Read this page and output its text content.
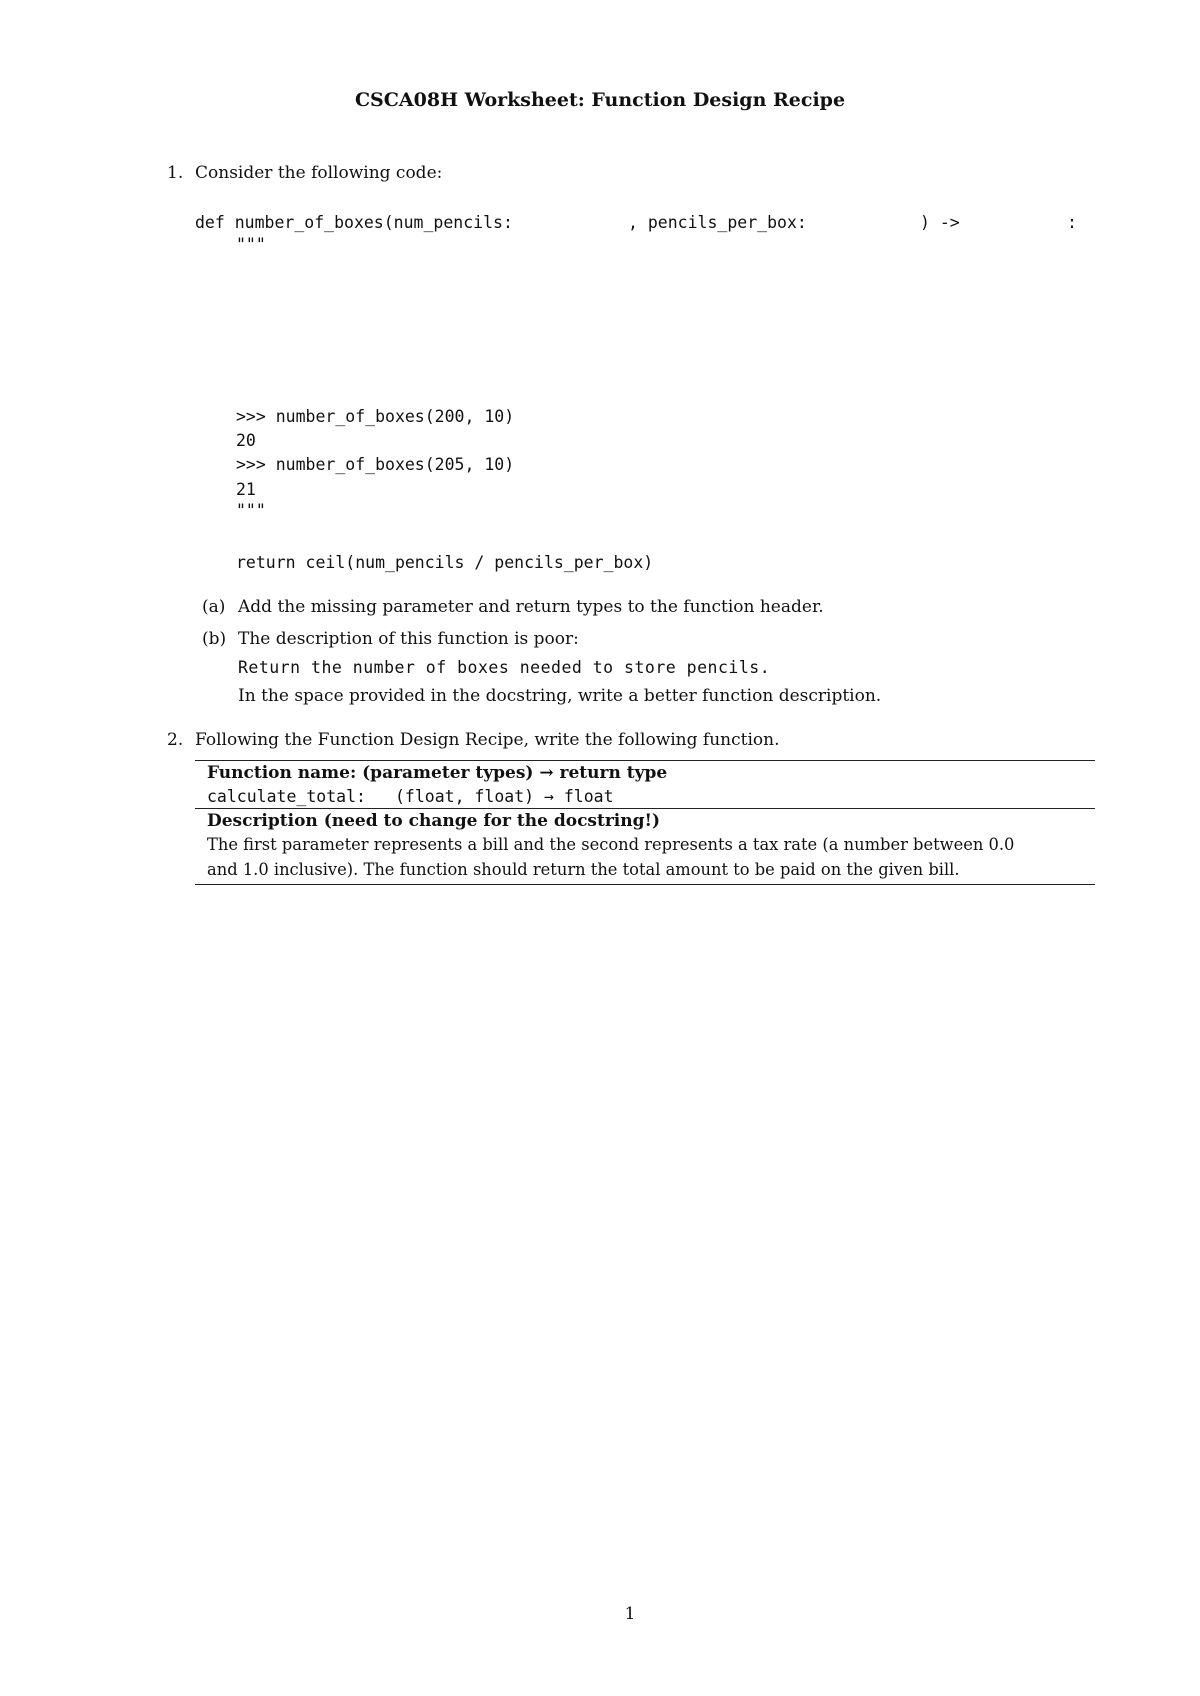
CSCA08H Worksheet: Function Design Recipe
1. Consider the following code:
def number_of_boxes(num_pencils:	, pencils_per_box:	) ->	:
"""
>>> number_of_boxes(200, 10)
20
>>> number_of_boxes(205, 10)
21
"""
return ceil(num_pencils / pencils_per_box)
(a) Add the missing parameter and return types to the function header.
(b) The description of this function is poor:
Return the number of boxes needed to store pencils.
In the space provided in the docstring, write a better function description.
2. Following the Function Design Recipe, write the following function.
Function name: (parameter types) → return type
calculate_total: (float, float) → float
Description (need to change for the docstring!)
The first parameter represents a bill and the second represents a tax rate (a number between 0.0
and 1.0 inclusive). The function should return the total amount to be paid on the given bill.
1
